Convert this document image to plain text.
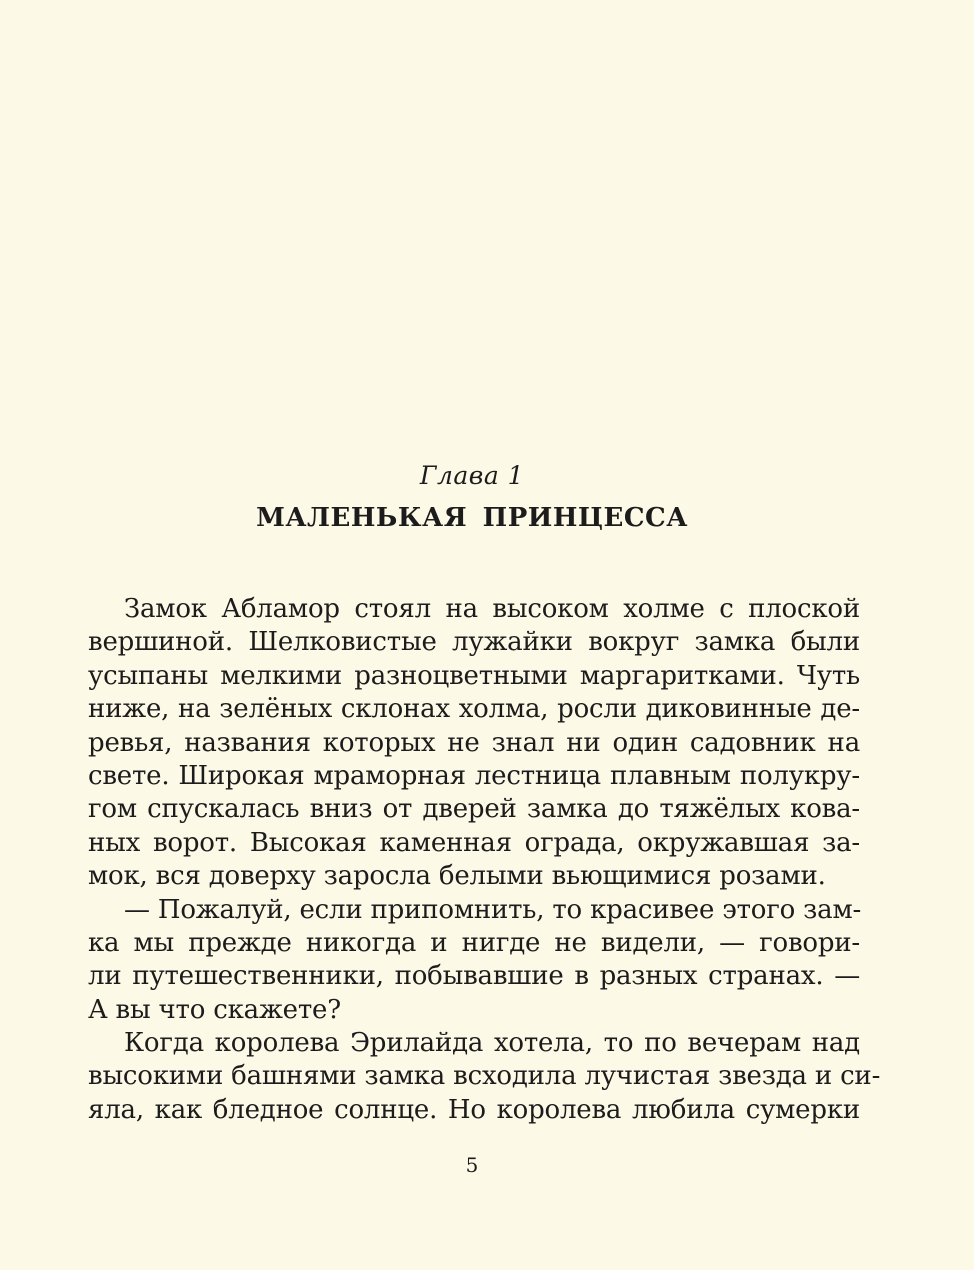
Глава 1
МАЛЕНЬКАЯ ПРИНЦЕССА
Замок Абламор стоял на высоком холме с плоской
вершиной. Шелковистые лужайки вокруг замка были
усыпаны мелкими разноцветными маргаритками. Чуть
ниже, на зелёных склонах холма, росли диковинные де-
ревья, названия которых не знал ни один садовник на
свете. Широкая мраморная лестница плавным полукру-
гом спускалась вниз от дверей замка до тяжёлых кова-
ных ворот. Высокая каменная ограда, окружавшая за-
мок, вся доверху заросла белыми вьющимися розами.
— Пожалуй, если припомнить, то красивее этого зам-
ка мы прежде никогда и нигде не видели, — говори-
ли путешественники, побывавшие в разных странах. —
А вы что скажете?
Когда королева Эрилайда хотела, то по вечерам над
высокими башнями замка всходила лучистая звезда и си-
яла, как бледное солнце. Но королева любила сумерки
5
